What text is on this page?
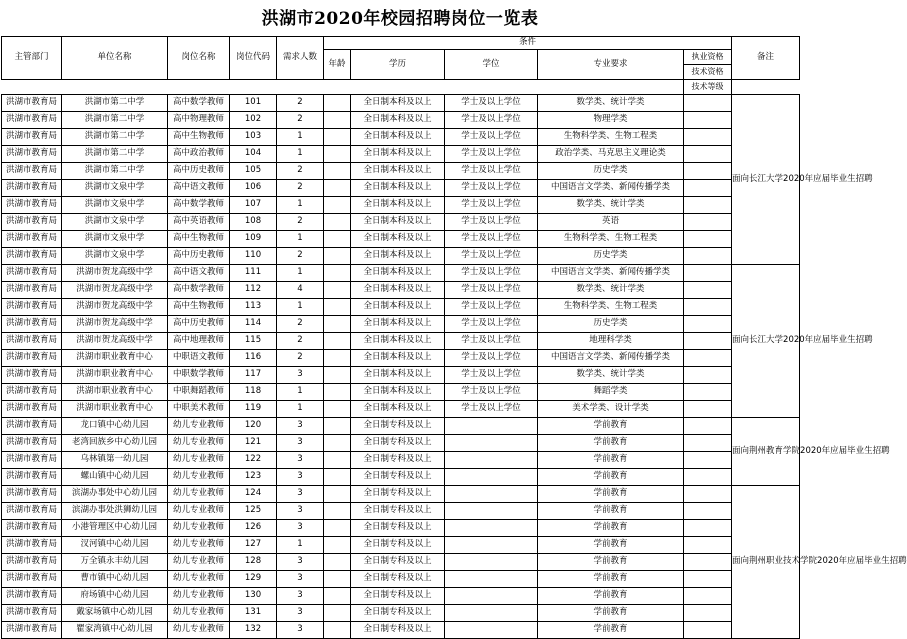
洪湖市2020年校园招聘岗位一览表
主管部门	单位名称	岗位名称	岗位代码	需求人数	条件					备注
					年龄	学历	学位	专业要求	执业资格	
									技术资格	
									技术等级	
洪湖市教育局	洪湖市第二中学	高中数学教师	101	2		全日制本科及以上	学士及以上学位	数学类、统计学类		面向长江大学2020年应届毕业生招聘
洪湖市教育局	洪湖市第二中学	高中物理教师	102	2		全日制本科及以上	学士及以上学位	物理学类		
洪湖市教育局	洪湖市第二中学	高中生物教师	103	1		全日制本科及以上	学士及以上学位	生物科学类、生物工程类		
洪湖市教育局	洪湖市第二中学	高中政治教师	104	1		全日制本科及以上	学士及以上学位	政治学类、马克思主义理论类		
洪湖市教育局	洪湖市第二中学	高中历史教师	105	2		全日制本科及以上	学士及以上学位	历史学类		
洪湖市教育局	洪湖市文泉中学	高中语文教师	106	2		全日制本科及以上	学士及以上学位	中国语言文学类、新闻传播学类		
洪湖市教育局	洪湖市文泉中学	高中数学教师	107	1		全日制本科及以上	学士及以上学位	数学类、统计学类		
洪湖市教育局	洪湖市文泉中学	高中英语教师	108	2		全日制本科及以上	学士及以上学位	英语		
洪湖市教育局	洪湖市文泉中学	高中生物教师	109	1		全日制本科及以上	学士及以上学位	生物科学类、生物工程类		
洪湖市教育局	洪湖市文泉中学	高中历史教师	110	2		全日制本科及以上	学士及以上学位	历史学类		
洪湖市教育局	洪湖市贺龙高级中学	高中语文教师	111	1		全日制本科及以上	学士及以上学位	中国语言文学类、新闻传播学类		面向长江大学2020年应届毕业生招聘
洪湖市教育局	洪湖市贺龙高级中学	高中数学教师	112	4		全日制本科及以上	学士及以上学位	数学类、统计学类		
洪湖市教育局	洪湖市贺龙高级中学	高中生物教师	113	1		全日制本科及以上	学士及以上学位	生物科学类、生物工程类		
洪湖市教育局	洪湖市贺龙高级中学	高中历史教师	114	2		全日制本科及以上	学士及以上学位	历史学类		
洪湖市教育局	洪湖市贺龙高级中学	高中地理教师	115	2		全日制本科及以上	学士及以上学位	地理科学类		
洪湖市教育局	洪湖市职业教育中心	中职语文教师	116	2		全日制本科及以上	学士及以上学位	中国语言文学类、新闻传播学类		
洪湖市教育局	洪湖市职业教育中心	中职数学教师	117	3		全日制本科及以上	学士及以上学位	数学类、统计学类		
洪湖市教育局	洪湖市职业教育中心	中职舞蹈教师	118	1		全日制本科及以上	学士及以上学位	舞蹈学类		
洪湖市教育局	洪湖市职业教育中心	中职美术教师	119	1		全日制本科及以上	学士及以上学位	美术学类、设计学类		
洪湖市教育局	龙口镇中心幼儿园	幼儿专业教师	120	3		全日制专科及以上		学前教育		面向荆州教育学院2020年应届毕业生招聘
洪湖市教育局	老湾回族乡中心幼儿园	幼儿专业教师	121	3		全日制专科及以上		学前教育		
洪湖市教育局	乌林镇第一幼儿园	幼儿专业教师	122	3		全日制专科及以上		学前教育		
洪湖市教育局	螺山镇中心幼儿园	幼儿专业教师	123	3		全日制专科及以上		学前教育		
洪湖市教育局	滨湖办事处中心幼儿园	幼儿专业教师	124	3		全日制专科及以上		学前教育		面向荆州职业技术学院2020年应届毕业生招聘
洪湖市教育局	滨湖办事处洪狮幼儿园	幼儿专业教师	125	3		全日制专科及以上		学前教育		
洪湖市教育局	小港管理区中心幼儿园	幼儿专业教师	126	3		全日制专科及以上		学前教育		
洪湖市教育局	汊河镇中心幼儿园	幼儿专业教师	127	1		全日制专科及以上		学前教育		
洪湖市教育局	万全镇永丰幼儿园	幼儿专业教师	128	3		全日制专科及以上		学前教育		
洪湖市教育局	曹市镇中心幼儿园	幼儿专业教师	129	3		全日制专科及以上		学前教育		
洪湖市教育局	府场镇中心幼儿园	幼儿专业教师	130	3		全日制专科及以上		学前教育		
洪湖市教育局	戴家场镇中心幼儿园	幼儿专业教师	131	3		全日制专科及以上		学前教育		
洪湖市教育局	瞿家湾镇中心幼儿园	幼儿专业教师	132	3		全日制专科及以上		学前教育		
